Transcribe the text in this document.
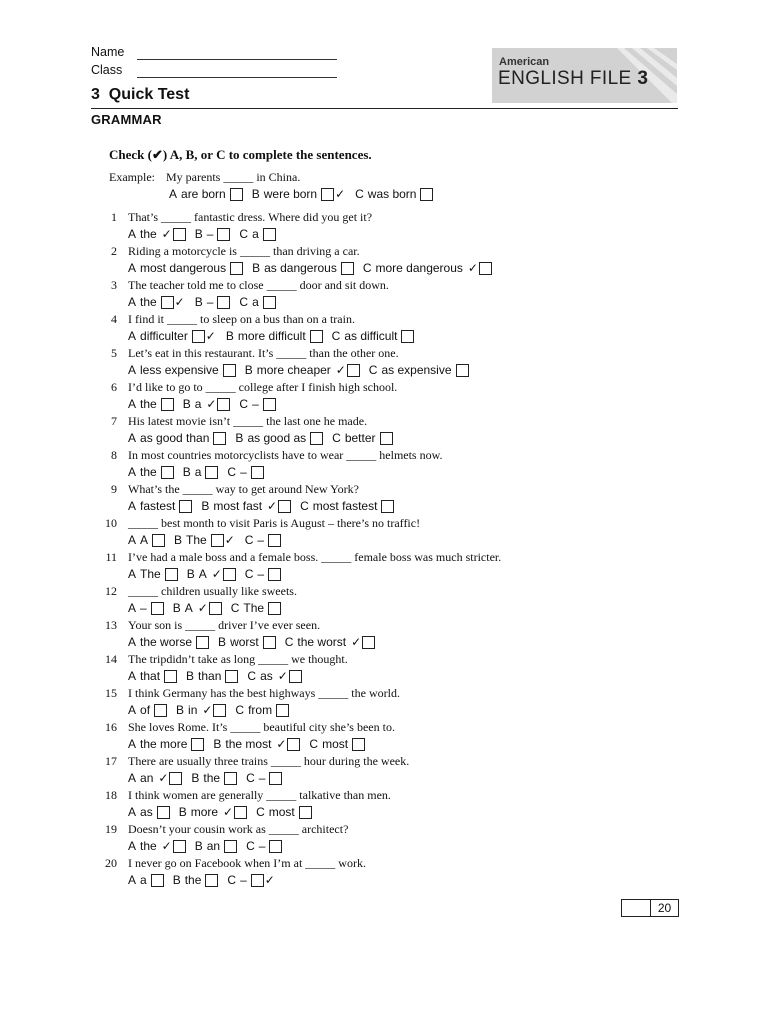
Name
Class
American
ENGLISH FILE 3
3  Quick Test
GRAMMAR
Check (✔) A, B, or C to complete the sentences.
Example: My parents _____ in China.
A are born B were born ✓ C was born
1 That’s _____ fantastic dress. Where did you get it?
A the ✓ B – C a
2 Riding a motorcycle is _____ than driving a car.
A most dangerous B as dangerous C more dangerous ✓
3 The teacher told me to close _____ door and sit down.
A the ✓ B – C a
4 I find it _____ to sleep on a bus than on a train.
A difficulter ✓ B more difficult C as difficult
5 Let’s eat in this restaurant. It’s _____ than the other one.
A less expensive B more cheaper ✓ C as expensive
6 I’d like to go to _____ college after I finish high school.
A the B a ✓ C –
7 His latest movie isn’t _____ the last one he made.
A as good than B as good as C better
8 In most countries motorcyclists have to wear _____ helmets now.
A the B a C –
9 What’s the _____ way to get around New York?
A fastest B most fast ✓ C most fastest
10 _____ best month to visit Paris is August – there’s no traffic!
A A B The ✓ C –
11 I’ve had a male boss and a female boss. _____ female boss was much stricter.
A The B A ✓ C –
12 _____ children usually like sweets.
A – B A ✓ C The
13 Your son is _____ driver I’ve ever seen.
A the worse B worst C the worst ✓
14 The tripdidn’t take as long _____ we thought.
A that B than C as ✓
15 I think Germany has the best highways _____ the world.
A of B in ✓ C from
16 She loves Rome. It’s _____ beautiful city she’s been to.
A the more B the most ✓ C most
17 There are usually three trains _____ hour during the week.
A an ✓ B the C –
18 I think women are generally _____ talkative than men.
A as B more ✓ C most
19 Doesn’t your cousin work as _____ architect?
A the ✓ B an C –
20 I never go on Facebook when I’m at _____ work.
A a B the C – ✓
20
